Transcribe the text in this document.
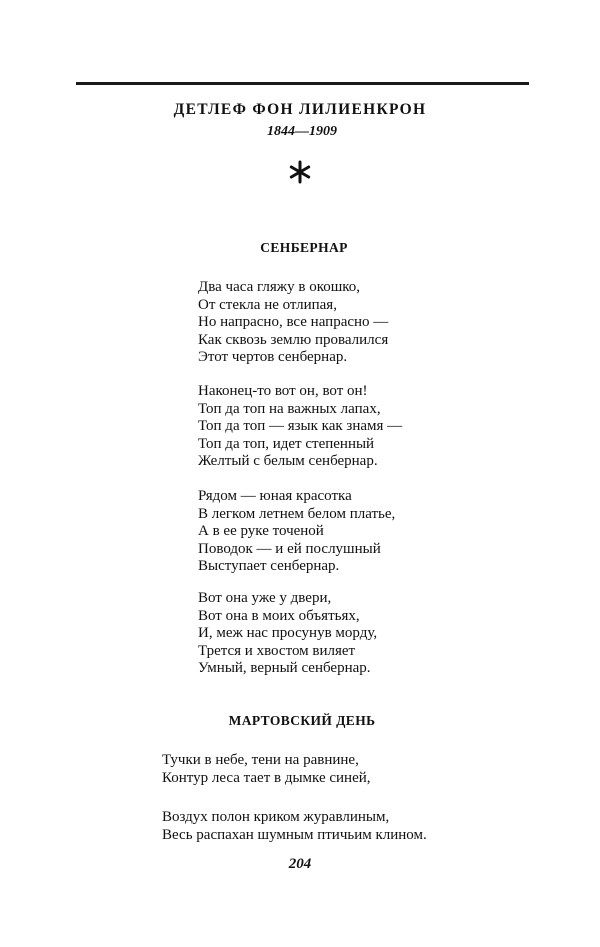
ДЕТЛЕФ ФОН ЛИЛИЕНКРОН
1844—1909
СЕНБЕРНАР
Два часа гляжу в окошко,
От стекла не отлипая,
Но напрасно, все напрасно —
Как сквозь землю провалился
Этот чертов сенбернар.
Наконец-то вот он, вот он!
Топ да топ на важных лапах,
Топ да топ — язык как знамя —
Топ да топ, идет степенный
Желтый с белым сенбернар.
Рядом — юная красотка
В легком летнем белом платье,
А в ее руке точеной
Поводок — и ей послушный
Выступает сенбернар.
Вот она уже у двери,
Вот она в моих объятьях,
И, меж нас просунув морду,
Трется и хвостом виляет
Умный, верный сенбернар.
МАРТОВСКИЙ ДЕНЬ
Тучки в небе, тени на равнине,
Контур леса тает в дымке синей,
Воздух полон криком журавлиным,
Весь распахан шумным птичьим клином.
204
